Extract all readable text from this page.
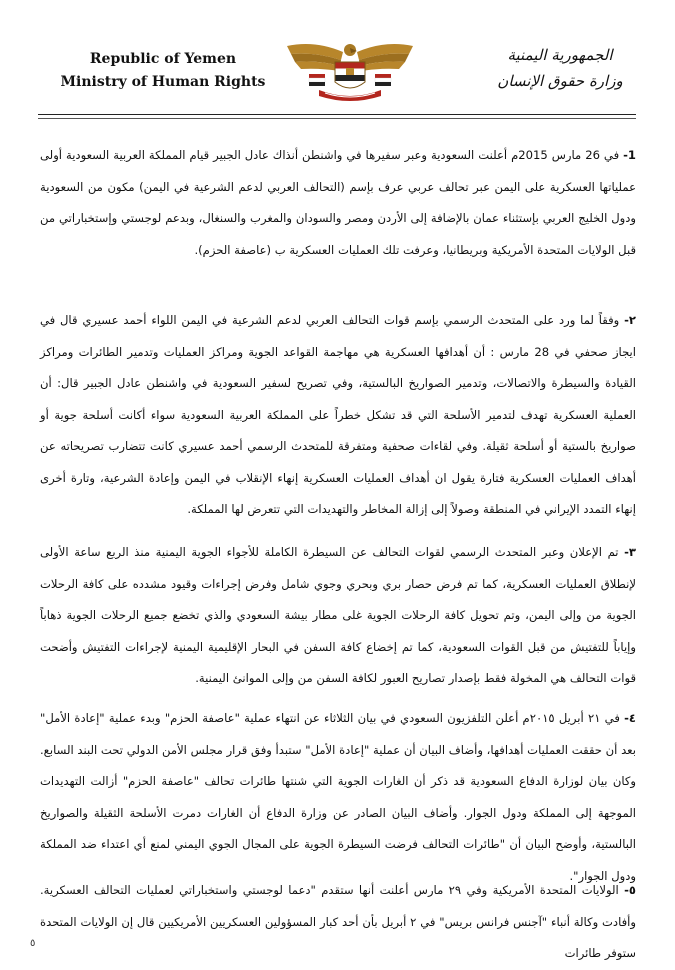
Republic of Yemen
Ministry of Human Rights
الجمهورية اليمنية
وزارة حقوق الإنسان

1- في 26 مارس 2015م أعلنت السعودية وعبر سفيرها في واشنطن أنذاك عادل الجبير قيام المملكة العربية السعودية أولى عملياتها العسكرية على اليمن عبر تحالف عربي عرف بإسم (التحالف العربي لدعم الشرعية في اليمن) مكون من السعودية ودول الخليج العربي بإستثناء عمان بالإضافة إلى الأردن ومصر والسودان والمغرب والسنغال، وبدعم لوجستي وإستخباراتي من قبل الولايات المتحدة الأمريكية وبريطانيا، وعرفت تلك العمليات العسكرية ب (عاصفة الحزم).

٢- وفقاً لما ورد على المتحدث الرسمي بإسم قوات التحالف العربي لدعم الشرعية في اليمن اللواء أحمد عسيري قال في ايجاز صحفي في 28 مارس : أن أهدافها العسكرية هي مهاجمة القواعد الجوية ومراكز العمليات وتدمير الطائرات ومراكز القيادة والسيطرة والاتصالات، وتدمير الصواريخ البالستية، وفي تصريح لسفير السعودية في واشنطن عادل الجبير قال: أن العملية العسكرية تهدف لتدمير الأسلحة التي قد تشكل خطراً على المملكة العربية السعودية سواء أكانت أسلحة جوية أو صواريخ بالستية أو أسلحة ثقيلة. وفي لقاءات صحفية ومتفرقة للمتحدث الرسمي أحمد عسيري كانت تتضارب تصريحاته عن أهداف العمليات العسكرية فتارة يقول ان أهداف العمليات العسكرية إنهاء الإنقلاب في اليمن وإعادة الشرعية، وتارة أخرى إنهاء التمدد الإيراني في المنطقة وصولاً إلى إزالة المخاطر والتهديدات التي تتعرض لها المملكة.

٣- تم الإعلان وعبر المتحدث الرسمي لقوات التحالف عن السيطرة الكاملة للأجواء الجوية اليمنية منذ الربع ساعة الأولى لإنطلاق العمليات العسكرية، كما تم فرض حصار بري وبحري وجوي شامل وفرض إجراءات وقيود مشدده على كافة الرحلات الجوية من وإلى اليمن، وتم تحويل كافة الرحلات الجوية غلى مطار بيشة السعودي والذي تخضع جميع الرحلات الجوية ذهاباً وإياباً للتفتيش من قبل القوات السعودية، كما تم إخضاع كافة السفن في البحار الإقليمية اليمنية لإجراءات التفتيش وأضحت قوات التحالف هي المخولة فقط بإصدار تصاريح العبور لكافة السفن من وإلى الموانئ اليمنية.

٤- في ٢١ أبريل ٢٠١٥م أعلن التلفزيون السعودي في بيان الثلاثاء عن انتهاء عملية "عاصفة الحزم" وبدء عملية "إعادة الأمل" بعد أن حققت العمليات أهدافها، وأضاف البيان أن عملية "إعادة الأمل" ستبدأ وفق قرار مجلس الأمن الدولي تحت البند السابع. وكان بيان لوزارة الدفاع السعودية قد ذكر أن الغارات الجوية التي شنتها طائرات تحالف "عاصفة الحزم" أزالت التهديدات الموجهة إلى المملكة ودول الجوار. وأضاف البيان الصادر عن وزارة الدفاع أن الغارات دمرت الأسلحة الثقيلة والصواريخ البالستية، وأوضح البيان أن "طائرات التحالف فرضت السيطرة الجوية على المجال الجوي اليمني لمنع أي اعتداء ضد المملكة ودول الجوار".

٥- الولايات المتحدة الأمريكية وفي ٢٩ مارس أعلنت أنها ستقدم "دعما لوجستي واستخباراتي لعمليات التحالف العسكرية. وأفادت وكالة أنباء "آجنس فرانس بريس" في ٢ أبريل بأن أحد كبار المسؤولين العسكريين الأمريكيين قال إن الولايات المتحدة ستوفر طائرات

٥
